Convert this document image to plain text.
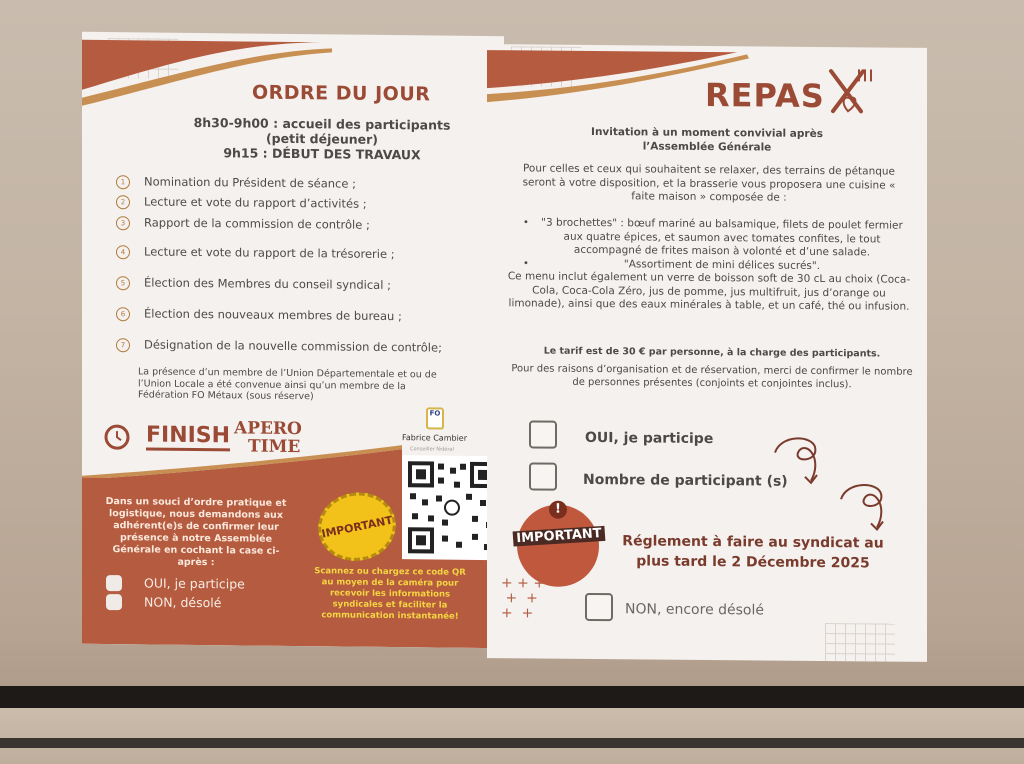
ORDRE DU JOUR
8h30-9h00 : accueil des participants
(petit déjeuner)
9h15 : DÉBUT DES TRAVAUX
1 Nomination du Président de séance ;
2 Lecture et vote du rapport d’activités ;
3 Rapport de la commission de contrôle ;
4 Lecture et vote du rapport de la trésorerie ;
5 Élection des Membres du conseil syndical ;
6 Élection des nouveaux membres de bureau ;
7 Désignation de la nouvelle commission de contrôle;
La présence d’un membre de l’Union Départementale et ou de l’Union Locale a été convenue ainsi qu’un membre de la Fédération FO Métaux (sous réserve)
FINISH APERO
TIME
FO
Fabrice Cambier
Conseiller fédéral
Dans un souci d’ordre pratique et logistique, nous demandons aux adhérent(e)s de confirmer leur présence à notre Assemblée Générale en cochant la case ci-après :
IMPORTANT
Scannez ou chargez ce code QR au moyen de la caméra pour recevoir les informations syndicales et faciliter la communication instantanée!
OUI, je participe
NON, désolé
REPAS
Invitation à un moment convivial après
l’Assemblée Générale
Pour celles et ceux qui souhaitent se relaxer, des terrains de pétanque seront à votre disposition, et la brasserie vous proposera une cuisine « faite maison » composée de :
•	"3 brochettes" : bœuf mariné au balsamique, filets de poulet fermier aux quatre épices, et saumon avec tomates confites, le tout accompagné de frites maison à volonté et d’une salade.
•	"Assortiment de mini délices sucrés".
Ce menu inclut également un verre de boisson soft de 30 cL au choix (Coca-Cola, Coca-Cola Zéro, jus de pomme, jus multifruit, jus d’orange ou limonade), ainsi que des eaux minérales à table, et un café, thé ou infusion.
Le tarif est de 30 € par personne, à la charge des participants.
Pour des raisons d’organisation et de réservation, merci de confirmer le nombre de personnes présentes (conjoints et conjointes inclus).
OUI, je participe
Nombre de participant (s)
!
IMPORTANT	Réglement à faire au syndicat au
plus tard le 2 Décembre 2025
+ + +
+  +
+  +	NON, encore désolé
